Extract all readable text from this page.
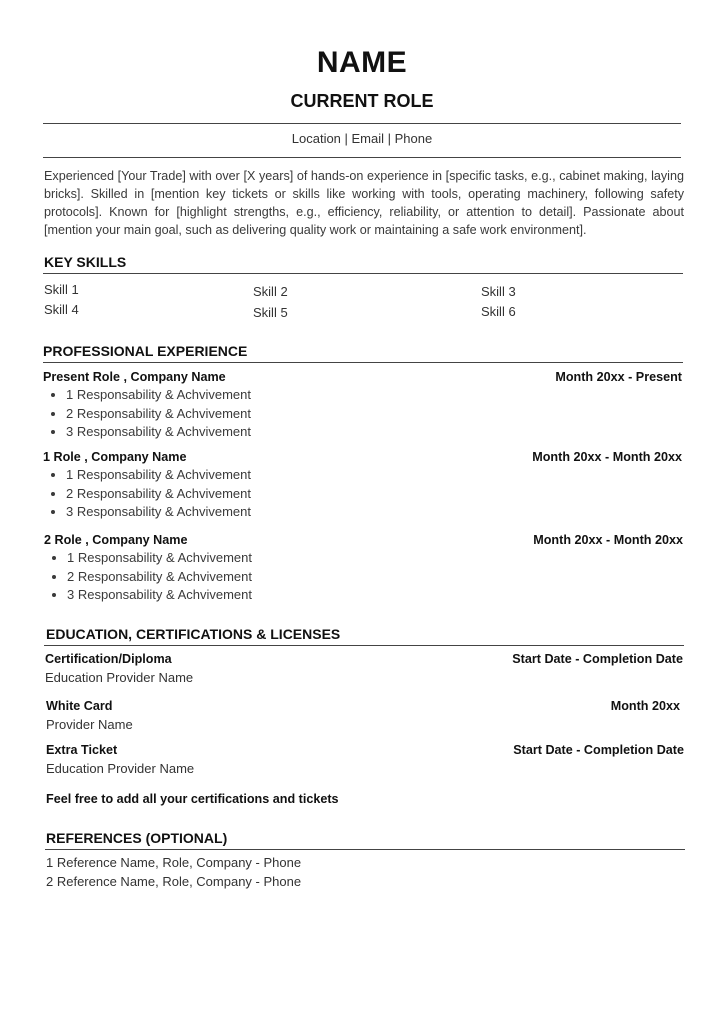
NAME
CURRENT ROLE
Location | Email | Phone
Experienced [Your Trade] with over [X years] of hands-on experience in [specific tasks, e.g., cabinet making, laying bricks]. Skilled in [mention key tickets or skills like working with tools, operating machinery, following safety protocols]. Known for [highlight strengths, e.g., efficiency, reliability, or attention to detail]. Passionate about [mention your main goal, such as delivering quality work or maintaining a safe work environment].
KEY SKILLS
Skill 1	Skill 2	Skill 3
Skill 4	Skill 5	Skill 6
PROFESSIONAL EXPERIENCE
Present Role , Company Name	Month 20xx - Present
• 1 Responsability & Achvivement
• 2 Responsability & Achvivement
• 3 Responsability & Achvivement
1 Role , Company Name	Month 20xx - Month 20xx
• 1 Responsability & Achvivement
• 2 Responsability & Achvivement
• 3 Responsability & Achvivement
2 Role , Company Name	Month 20xx - Month 20xx
• 1 Responsability & Achvivement
• 2 Responsability & Achvivement
• 3 Responsability & Achvivement
EDUCATION, CERTIFICATIONS & LICENSES
Certification/Diploma	Start Date - Completion Date
Education Provider Name
White Card	Month 20xx
Provider Name
Extra Ticket	Start Date - Completion Date
Education Provider Name
Feel free to add all your certifications and tickets
REFERENCES (OPTIONAL)
1 Reference Name, Role, Company - Phone
2 Reference Name, Role, Company - Phone
